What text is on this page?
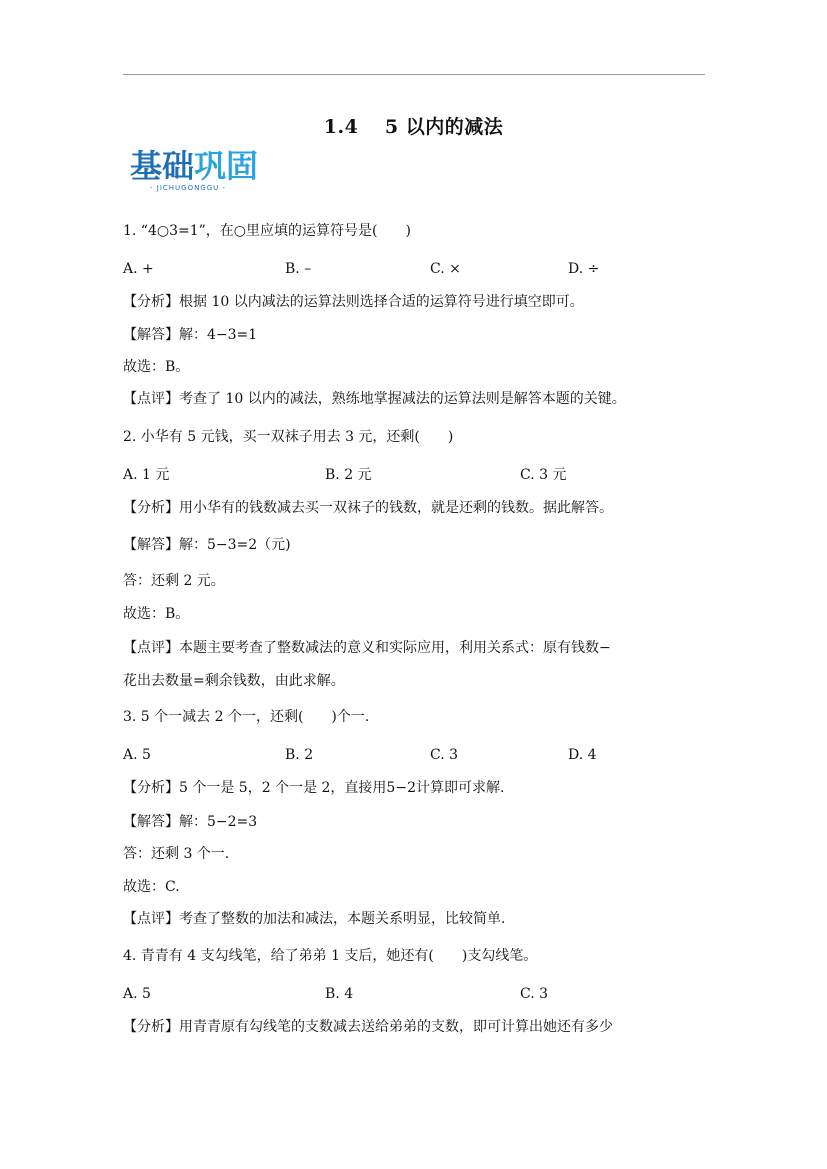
1.4　 5 以内的减法
基础巩固
- JICHUGONGGU -
1. “4○3=1”，在○里应填的运算符号是(　　)
A. +	B. –	C. ×	D. ÷
【分析】根据 10 以内减法的运算法则选择合适的运算符号进行填空即可。
【解答】解：4−3=1
故选：B。
【点评】考查了 10 以内的减法，熟练地掌握减法的运算法则是解答本题的关键。
2. 小华有 5 元钱，买一双袜子用去 3 元，还剩(　　)
A. 1 元	B. 2 元	C. 3 元
【分析】用小华有的钱数减去买一双袜子的钱数，就是还剩的钱数。据此解答。
【解答】解：5−3=2（元)
答：还剩 2 元。
故选：B。
【点评】本题主要考查了整数减法的意义和实际应用，利用关系式：原有钱数−
花出去数量=剩余钱数，由此求解。
3. 5 个一减去 2 个一，还剩(　　)个一.
A. 5	B. 2	C. 3	D. 4
【分析】5 个一是 5，2 个一是 2，直接用5−2计算即可求解.
【解答】解：5−2=3
答：还剩 3 个一.
故选：C.
【点评】考查了整数的加法和减法，本题关系明显，比较简单.
4. 青青有 4 支勾线笔，给了弟弟 1 支后，她还有(　　)支勾线笔。
A. 5	B. 4	C. 3
【分析】用青青原有勾线笔的支数减去送给弟弟的支数，即可计算出她还有多少
